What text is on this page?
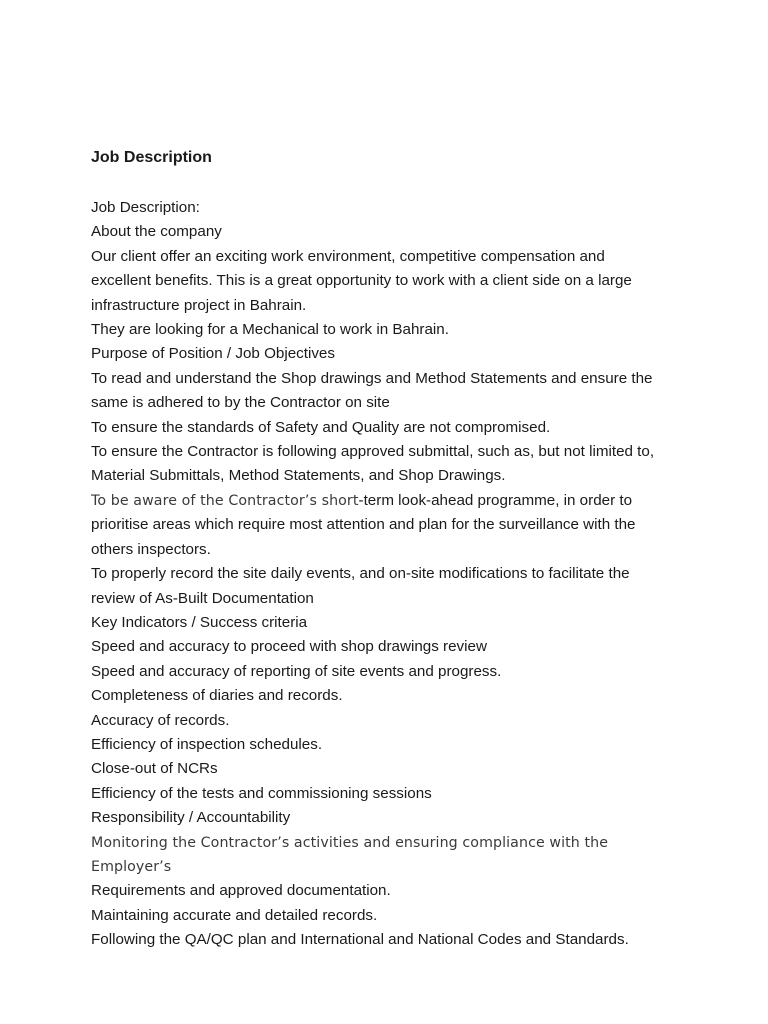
Job Description
Job Description:
About the company
Our client offer an exciting work environment, competitive compensation and
excellent benefits. This is a great opportunity to work with a client side on a large
infrastructure project in Bahrain.
They are looking for a Mechanical to work in Bahrain.
Purpose of Position / Job Objectives
To read and understand the Shop drawings and Method Statements and ensure the
same is adhered to by the Contractor on site
To ensure the standards of Safety and Quality are not compromised.
To ensure the Contractor is following approved submittal, such as, but not limited to,
Material Submittals, Method Statements, and Shop Drawings.
To be aware of the Contractor’s short-term look-ahead programme, in order to
prioritise areas which require most attention and plan for the surveillance with the
others inspectors.
To properly record the site daily events, and on-site modifications to facilitate the
review of As-Built Documentation
Key Indicators / Success criteria
Speed and accuracy to proceed with shop drawings review
Speed and accuracy of reporting of site events and progress.
Completeness of diaries and records.
Accuracy of records.
Efficiency of inspection schedules.
Close-out of NCRs
Efficiency of the tests and commissioning sessions
Responsibility / Accountability
Monitoring the Contractor’s activities and ensuring compliance with the Employer’s
Requirements and approved documentation.
Maintaining accurate and detailed records.
Following the QA/QC plan and International and National Codes and Standards.
